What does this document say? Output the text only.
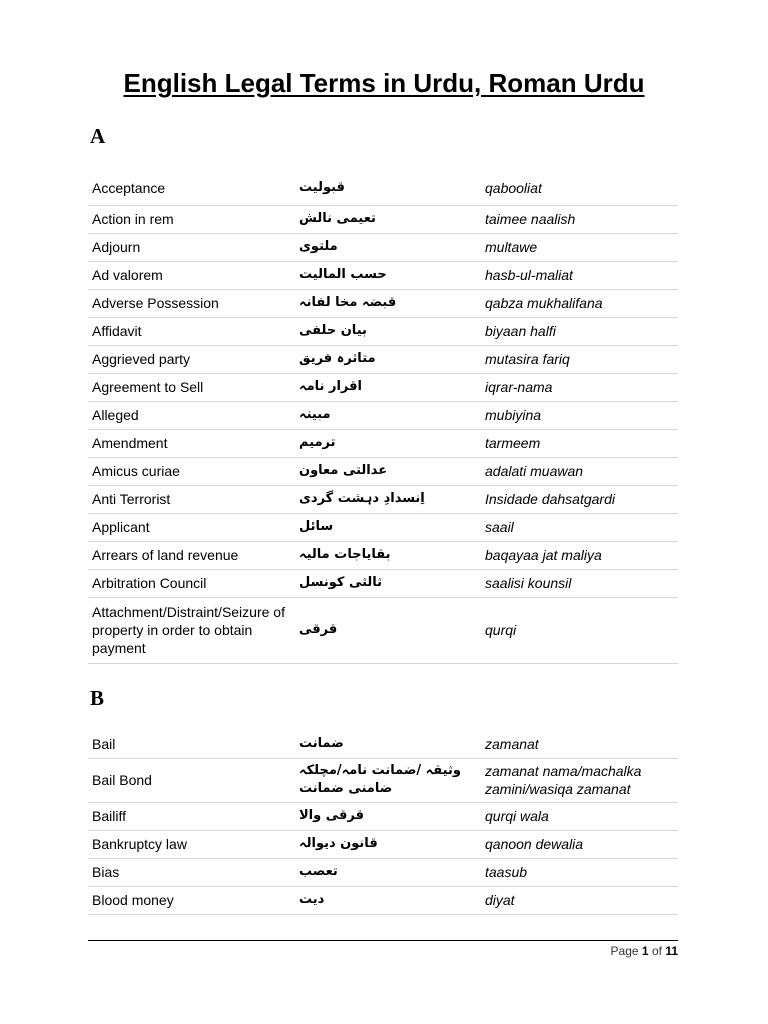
English Legal Terms in Urdu, Roman Urdu
A
Acceptance	قبولیت	qabooliat
Action in rem	تعیمی نالش	taimee naalish
Adjourn	ملتوی	multawe
Ad valorem	حسب المالیت	hasb-ul-maliat
Adverse Possession	قبضہ مخا لفانہ	qabza mukhalifana
Affidavit	بیان حلفی	biyaan halfi
Aggrieved party	متاثرہ فریق	mutasira fariq
Agreement to Sell	اقرار نامہ	iqrar-nama
Alleged	مبینہ	mubiyina
Amendment	ترمیم	tarmeem
Amicus curiae	عدالتی معاون	adalati muawan
Anti Terrorist	اِنسدادِ دہشت گردی	Insidade dahsatgardi
Applicant	سائل	saail
Arrears of land revenue	بقایاجات مالیہ	baqayaa jat maliya
Arbitration Council	ثالثی کونسل	saalisi kounsil
Attachment/Distraint/Seizure of property in order to obtain payment	قرقی	qurqi
B
Bail	ضمانت	zamanat
Bail Bond	وثیقہ /ضمانت نامہ/مچلکہ ضامنی ضمانت	zamanat nama/machalka zamini/wasiqa zamanat
Bailiff	قرقی والا	qurqi wala
Bankruptcy law	قانون دیوالہ	qanoon dewalia
Bias	تعصب	taasub
Blood money	دیت	diyat
Page 1 of 11
